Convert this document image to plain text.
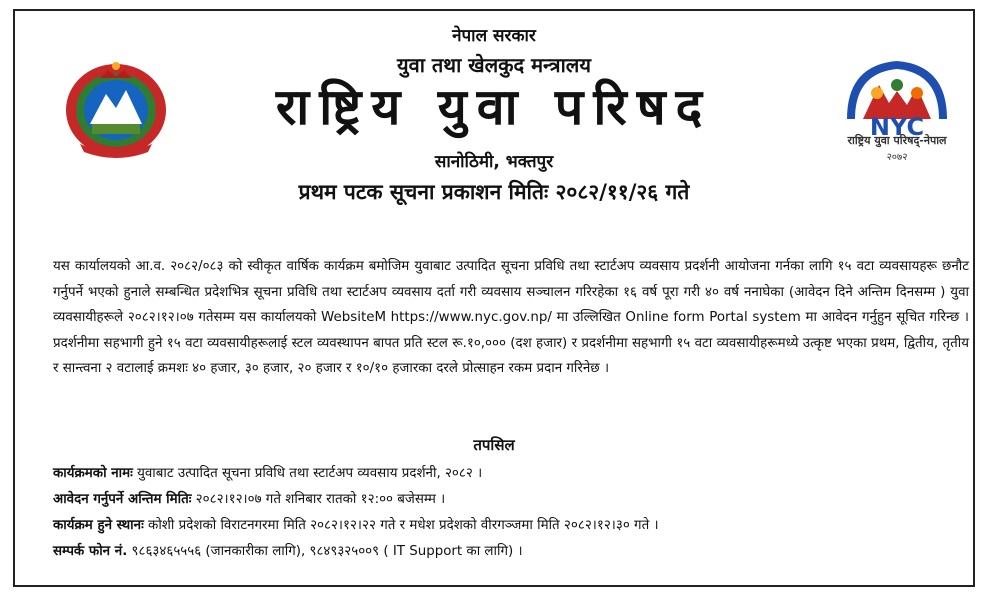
नेपाल सरकार
युवा तथा खेलकुद मन्त्रालय
राष्ट्रिय युवा परिषद
सानोठिमी, भक्तपुर
प्रथम पटक सूचना प्रकाशन मितिः २०८२/११/२६ गते
NYC
राष्ट्रिय युवा परिषद्-नेपाल
२०७२
यस कार्यालयको आ.व. २०८२/०८३ को स्वीकृत वार्षिक कार्यक्रम बमोजिम युवाबाट उत्पादित सूचना प्रविधि तथा स्टार्टअप व्यवसाय प्रदर्शनी आयोजना गर्नका लागि १५ वटा व्यवसायहरू छनौट गर्नुपर्ने भएको हुनाले सम्बन्धित प्रदेशभित्र सूचना प्रविधि तथा स्टार्टअप व्यवसाय दर्ता गरी व्यवसाय सञ्चालन गरिरहेका १६ वर्ष पूरा गरी ४० वर्ष ननाघेका (आवेदन दिने अन्तिम दिनसम्म ) युवा व्यवसायीहरूले २०८२।१२।०७ गतेसम्म यस कार्यालयको WebsiteM https://www.nyc.gov.np/ मा उल्लिखित Online form Portal system मा आवेदन गर्नुहुन सूचित गरिन्छ । प्रदर्शनीमा सहभागी हुने १५ वटा व्यवसायीहरूलाई स्टल व्यवस्थापन बापत प्रति स्टल रू.१०,००० (दश हजार) र प्रदर्शनीमा सहभागी १५ वटा व्यवसायीहरूमध्ये उत्कृष्ट भएका प्रथम, द्वितीय, तृतीय र सान्त्वना २ वटालाई क्रमशः ४० हजार, ३० हजार, २० हजार र १०/१० हजारका दरले प्रोत्साहन रकम प्रदान गरिनेछ ।
तपसिल
कार्यक्रमको नामः युवाबाट उत्पादित सूचना प्रविधि तथा स्टार्टअप व्यवसाय प्रदर्शनी, २०८२ ।
आवेदन गर्नुपर्ने अन्तिम मितिः २०८२।१२।०७ गते शनिबार रातको १२:०० बजेसम्म ।
कार्यक्रम हुने स्थानः कोशी प्रदेशको विराटनगरमा मिति २०८२।१२।२२ गते र मधेश प्रदेशको वीरगञ्जमा मिति २०८२।१२।३० गते ।
सम्पर्क फोन नं. ९८६३४६५५५६ (जानकारीका लागि), ९८४९३२५००९ ( IT Support का लागि) ।
